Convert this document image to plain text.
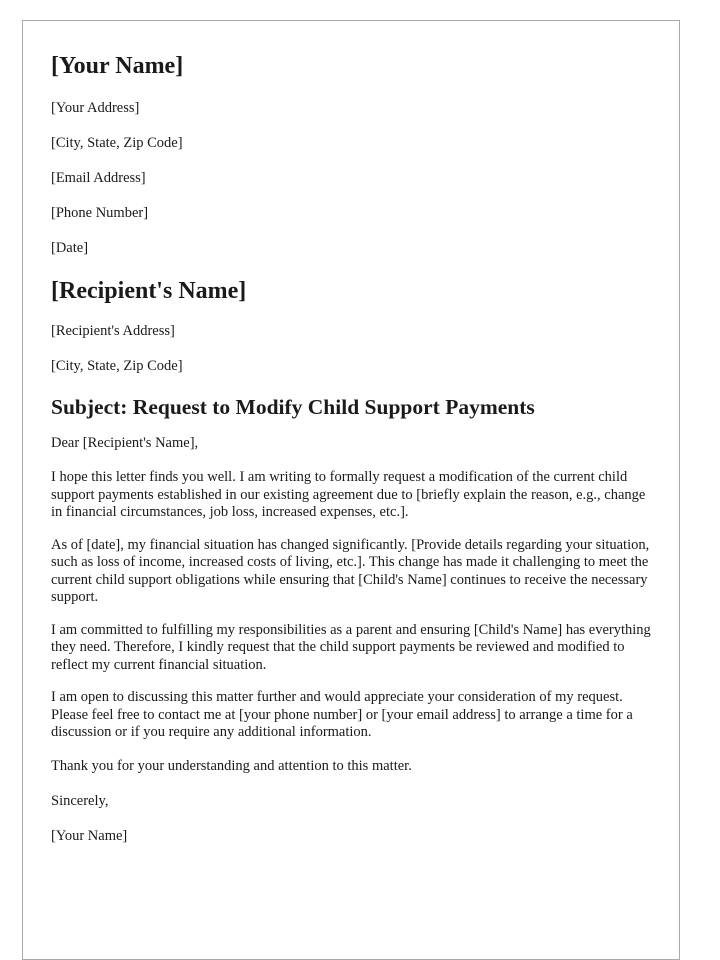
[Your Name]

[Your Address]

[City, State, Zip Code]

[Email Address]

[Phone Number]

[Date]

[Recipient's Name]

[Recipient's Address]

[City, State, Zip Code]

Subject: Request to Modify Child Support Payments

Dear [Recipient's Name],

I hope this letter finds you well. I am writing to formally request a modification of the current child support payments established in our existing agreement due to [briefly explain the reason, e.g., change in financial circumstances, job loss, increased expenses, etc.].

As of [date], my financial situation has changed significantly. [Provide details regarding your situation, such as loss of income, increased costs of living, etc.]. This change has made it challenging to meet the current child support obligations while ensuring that [Child's Name] continues to receive the necessary support.

I am committed to fulfilling my responsibilities as a parent and ensuring [Child's Name] has everything they need. Therefore, I kindly request that the child support payments be reviewed and modified to reflect my current financial situation.

I am open to discussing this matter further and would appreciate your consideration of my request. Please feel free to contact me at [your phone number] or [your email address] to arrange a time for a discussion or if you require any additional information.

Thank you for your understanding and attention to this matter.

Sincerely,

[Your Name]
